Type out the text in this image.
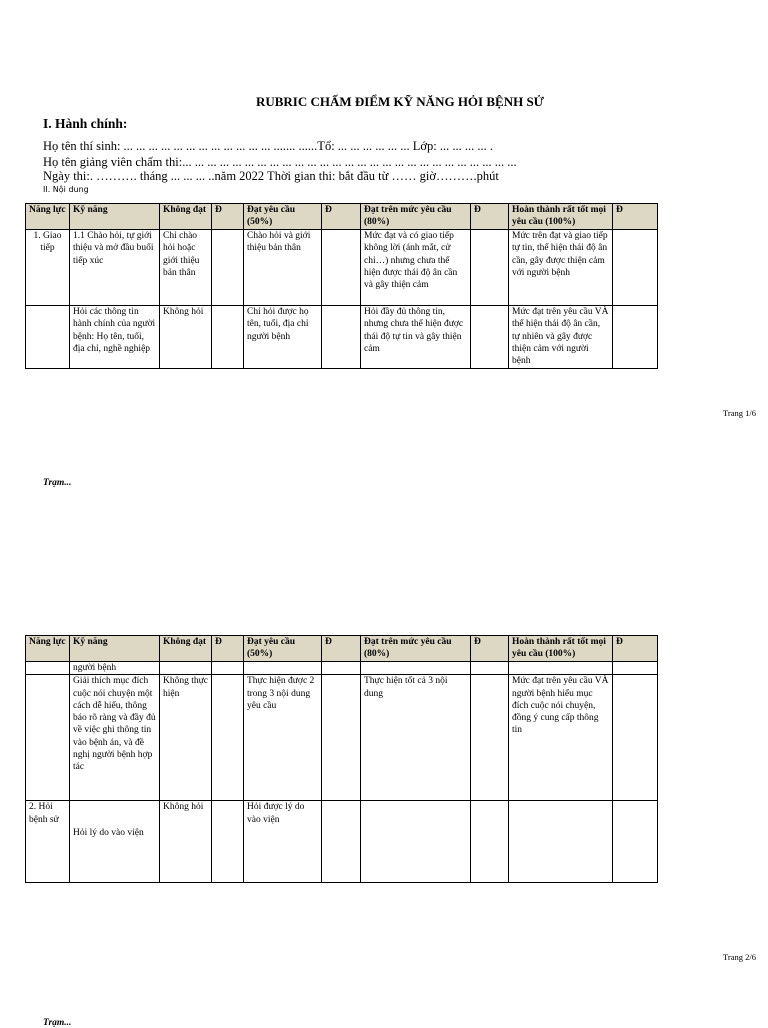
RUBRIC CHẤM ĐIỂM KỸ NĂNG HỎI BỆNH SỬ
I. Hành chính:
Họ tên thí sinh: ... ... ... ... ... ... ... ... ... ... ... ... ....... ......Tổ: ... ... ... ... ... ... Lớp: ... ... ... ... .
Họ tên giảng viên chấm thi:... ... ... ... ... ... ... ... ... ... ... ... ... ... ... ... ... ... ... ... ... ... ... ... ... ... ...
Ngày thi:. ………. tháng ... ... ... ..năm 2022 Thời gian thi: bắt đầu từ …… giờ……….phút
II. Nội dung
Năng lực	Kỹ năng	Không đạt	Đ	Đạt yêu cầu (50%)	Đ	Đạt trên mức yêu cầu (80%)	Đ	Hoàn thành rất tốt mọi yêu cầu (100%)	Đ
1. Giao tiếp	1.1 Chào hỏi, tự giới thiệu và mở đầu buổi tiếp xúc	Chỉ chào hỏi hoặc giới thiệu bản thân		Chào hỏi và giới thiệu bản thân		Mức đạt và có giao tiếp không lời (ánh mắt, cử chỉ…) nhưng chưa thể hiện được thái độ ân cần và gây thiện cảm		Mức trên đạt và giao tiếp tự tin, thể hiện thái độ ân cần, gây được thiện cảm với người bệnh	
	Hỏi các thông tin hành chính của người bệnh: Họ tên, tuổi, địa chỉ, nghề nghiệp	Không hỏi		Chỉ hỏi được họ tên, tuổi, địa chỉ người bệnh		Hỏi đầy đủ thông tin, nhưng chưa thể hiện được thái độ tự tin và gây thiện cảm		Mức đạt trên yêu cầu VÀ thể hiện thái độ ân cần, tự nhiên và gây được thiện cảm với người bệnh	
Trang 1/6
Trạm...
Năng lực	Kỹ năng	Không đạt	Đ	Đạt yêu cầu (50%)	Đ	Đạt trên mức yêu cầu (80%)	Đ	Hoàn thành rất tốt mọi yêu cầu (100%)	Đ
	người bệnh								
	Giải thích mục đích cuộc nói chuyện một cách dễ hiểu, thông báo rõ ràng và đầy đủ về việc ghi thông tin vào bệnh án, và đề nghị người bệnh hợp tác	Không thực hiện		Thực hiện được 2 trong 3 nội dung yêu cầu		Thực hiện tốt cả 3 nội dung		Mức đạt trên yêu cầu VÀ người bệnh hiểu mục đích cuộc nói chuyện, đồng ý cung cấp thông tin	
2. Hỏi bệnh sử	Hỏi lý do vào viện	Không hỏi		Hỏi được lý do vào viện					
Trang 2/6
Trạm...
